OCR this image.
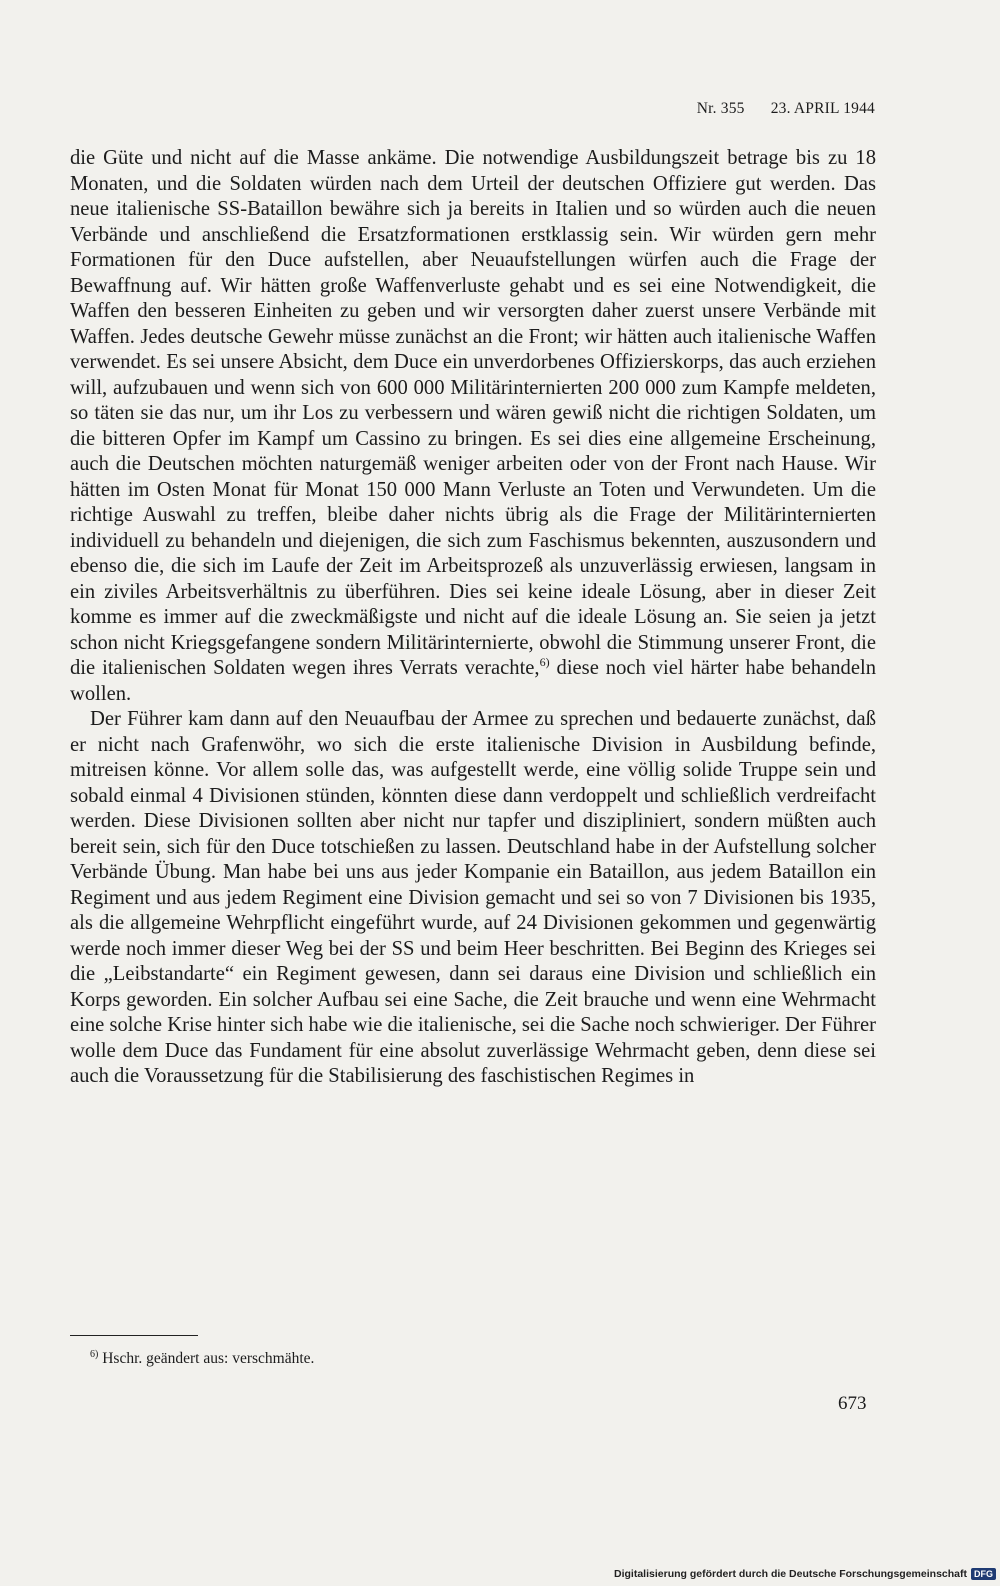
Nr. 355 23. APRIL 1944

die Güte und nicht auf die Masse ankäme. Die notwendige Ausbildungszeit betrage bis zu 18 Monaten, und die Soldaten würden nach dem Urteil der deutschen Offiziere gut werden. Das neue italienische SS-Bataillon bewähre sich ja bereits in Italien und so würden auch die neuen Verbände und anschließend die Ersatzformationen erstklassig sein. Wir würden gern mehr Formationen für den Duce aufstellen, aber Neuaufstellungen würfen auch die Frage der Bewaffnung auf. Wir hätten große Waffenverluste gehabt und es sei eine Notwendigkeit, die Waffen den besseren Einheiten zu geben und wir versorgten daher zuerst unsere Verbände mit Waffen. Jedes deutsche Gewehr müsse zunächst an die Front; wir hätten auch italienische Waffen verwendet. Es sei unsere Absicht, dem Duce ein unverdorbenes Offizierskorps, das auch erziehen will, aufzubauen und wenn sich von 600 000 Militärinternierten 200 000 zum Kampfe meldeten, so täten sie das nur, um ihr Los zu verbessern und wären gewiß nicht die richtigen Soldaten, um die bitteren Opfer im Kampf um Cassino zu bringen. Es sei dies eine allgemeine Erscheinung, auch die Deutschen möchten naturgemäß weniger arbeiten oder von der Front nach Hause. Wir hätten im Osten Monat für Monat 150 000 Mann Verluste an Toten und Verwundeten. Um die richtige Auswahl zu treffen, bleibe daher nichts übrig als die Frage der Militärinternierten individuell zu behandeln und diejenigen, die sich zum Faschismus bekennten, auszusondern und ebenso die, die sich im Laufe der Zeit im Arbeitsprozeß als unzuverlässig erwiesen, langsam in ein ziviles Arbeitsverhältnis zu überführen. Dies sei keine ideale Lösung, aber in dieser Zeit komme es immer auf die zweckmäßigste und nicht auf die ideale Lösung an. Sie seien ja jetzt schon nicht Kriegsgefangene sondern Militärinternierte, obwohl die Stimmung unserer Front, die die italienischen Soldaten wegen ihres Verrats verachte,$^{6)}$ diese noch viel härter habe behandeln wollen.

Der Führer kam dann auf den Neuaufbau der Armee zu sprechen und bedauerte zunächst, daß er nicht nach Grafenwöhr, wo sich die erste italienische Division in Ausbildung befinde, mitreisen könne. Vor allem solle das, was aufgestellt werde, eine völlig solide Truppe sein und sobald einmal 4 Divisionen stünden, könnten diese dann verdoppelt und schließlich verdreifacht werden. Diese Divisionen sollten aber nicht nur tapfer und diszipliniert, sondern müßten auch bereit sein, sich für den Duce totschießen zu lassen. Deutschland habe in der Aufstellung solcher Verbände Übung. Man habe bei uns aus jeder Kompanie ein Bataillon, aus jedem Bataillon ein Regiment und aus jedem Regiment eine Division gemacht und sei so von 7 Divisionen bis 1935, als die allgemeine Wehrpflicht eingeführt wurde, auf 24 Divisionen gekommen und gegenwärtig werde noch immer dieser Weg bei der SS und beim Heer beschritten. Bei Beginn des Krieges sei die „Leibstandarte“ ein Regiment gewesen, dann sei daraus eine Division und schließlich ein Korps geworden. Ein solcher Aufbau sei eine Sache, die Zeit brauche und wenn eine Wehrmacht eine solche Krise hinter sich habe wie die italienische, sei die Sache noch schwieriger. Der Führer wolle dem Duce das Fundament für eine absolut zuverlässige Wehrmacht geben, denn diese sei auch die Voraussetzung für die Stabilisierung des faschistischen Regimes in

$^{6)}$ Hschr. geändert aus: verschmähte.
673
Digitalisierung gefördert durch die Deutsche Forschungsgemeinschaft DFG
